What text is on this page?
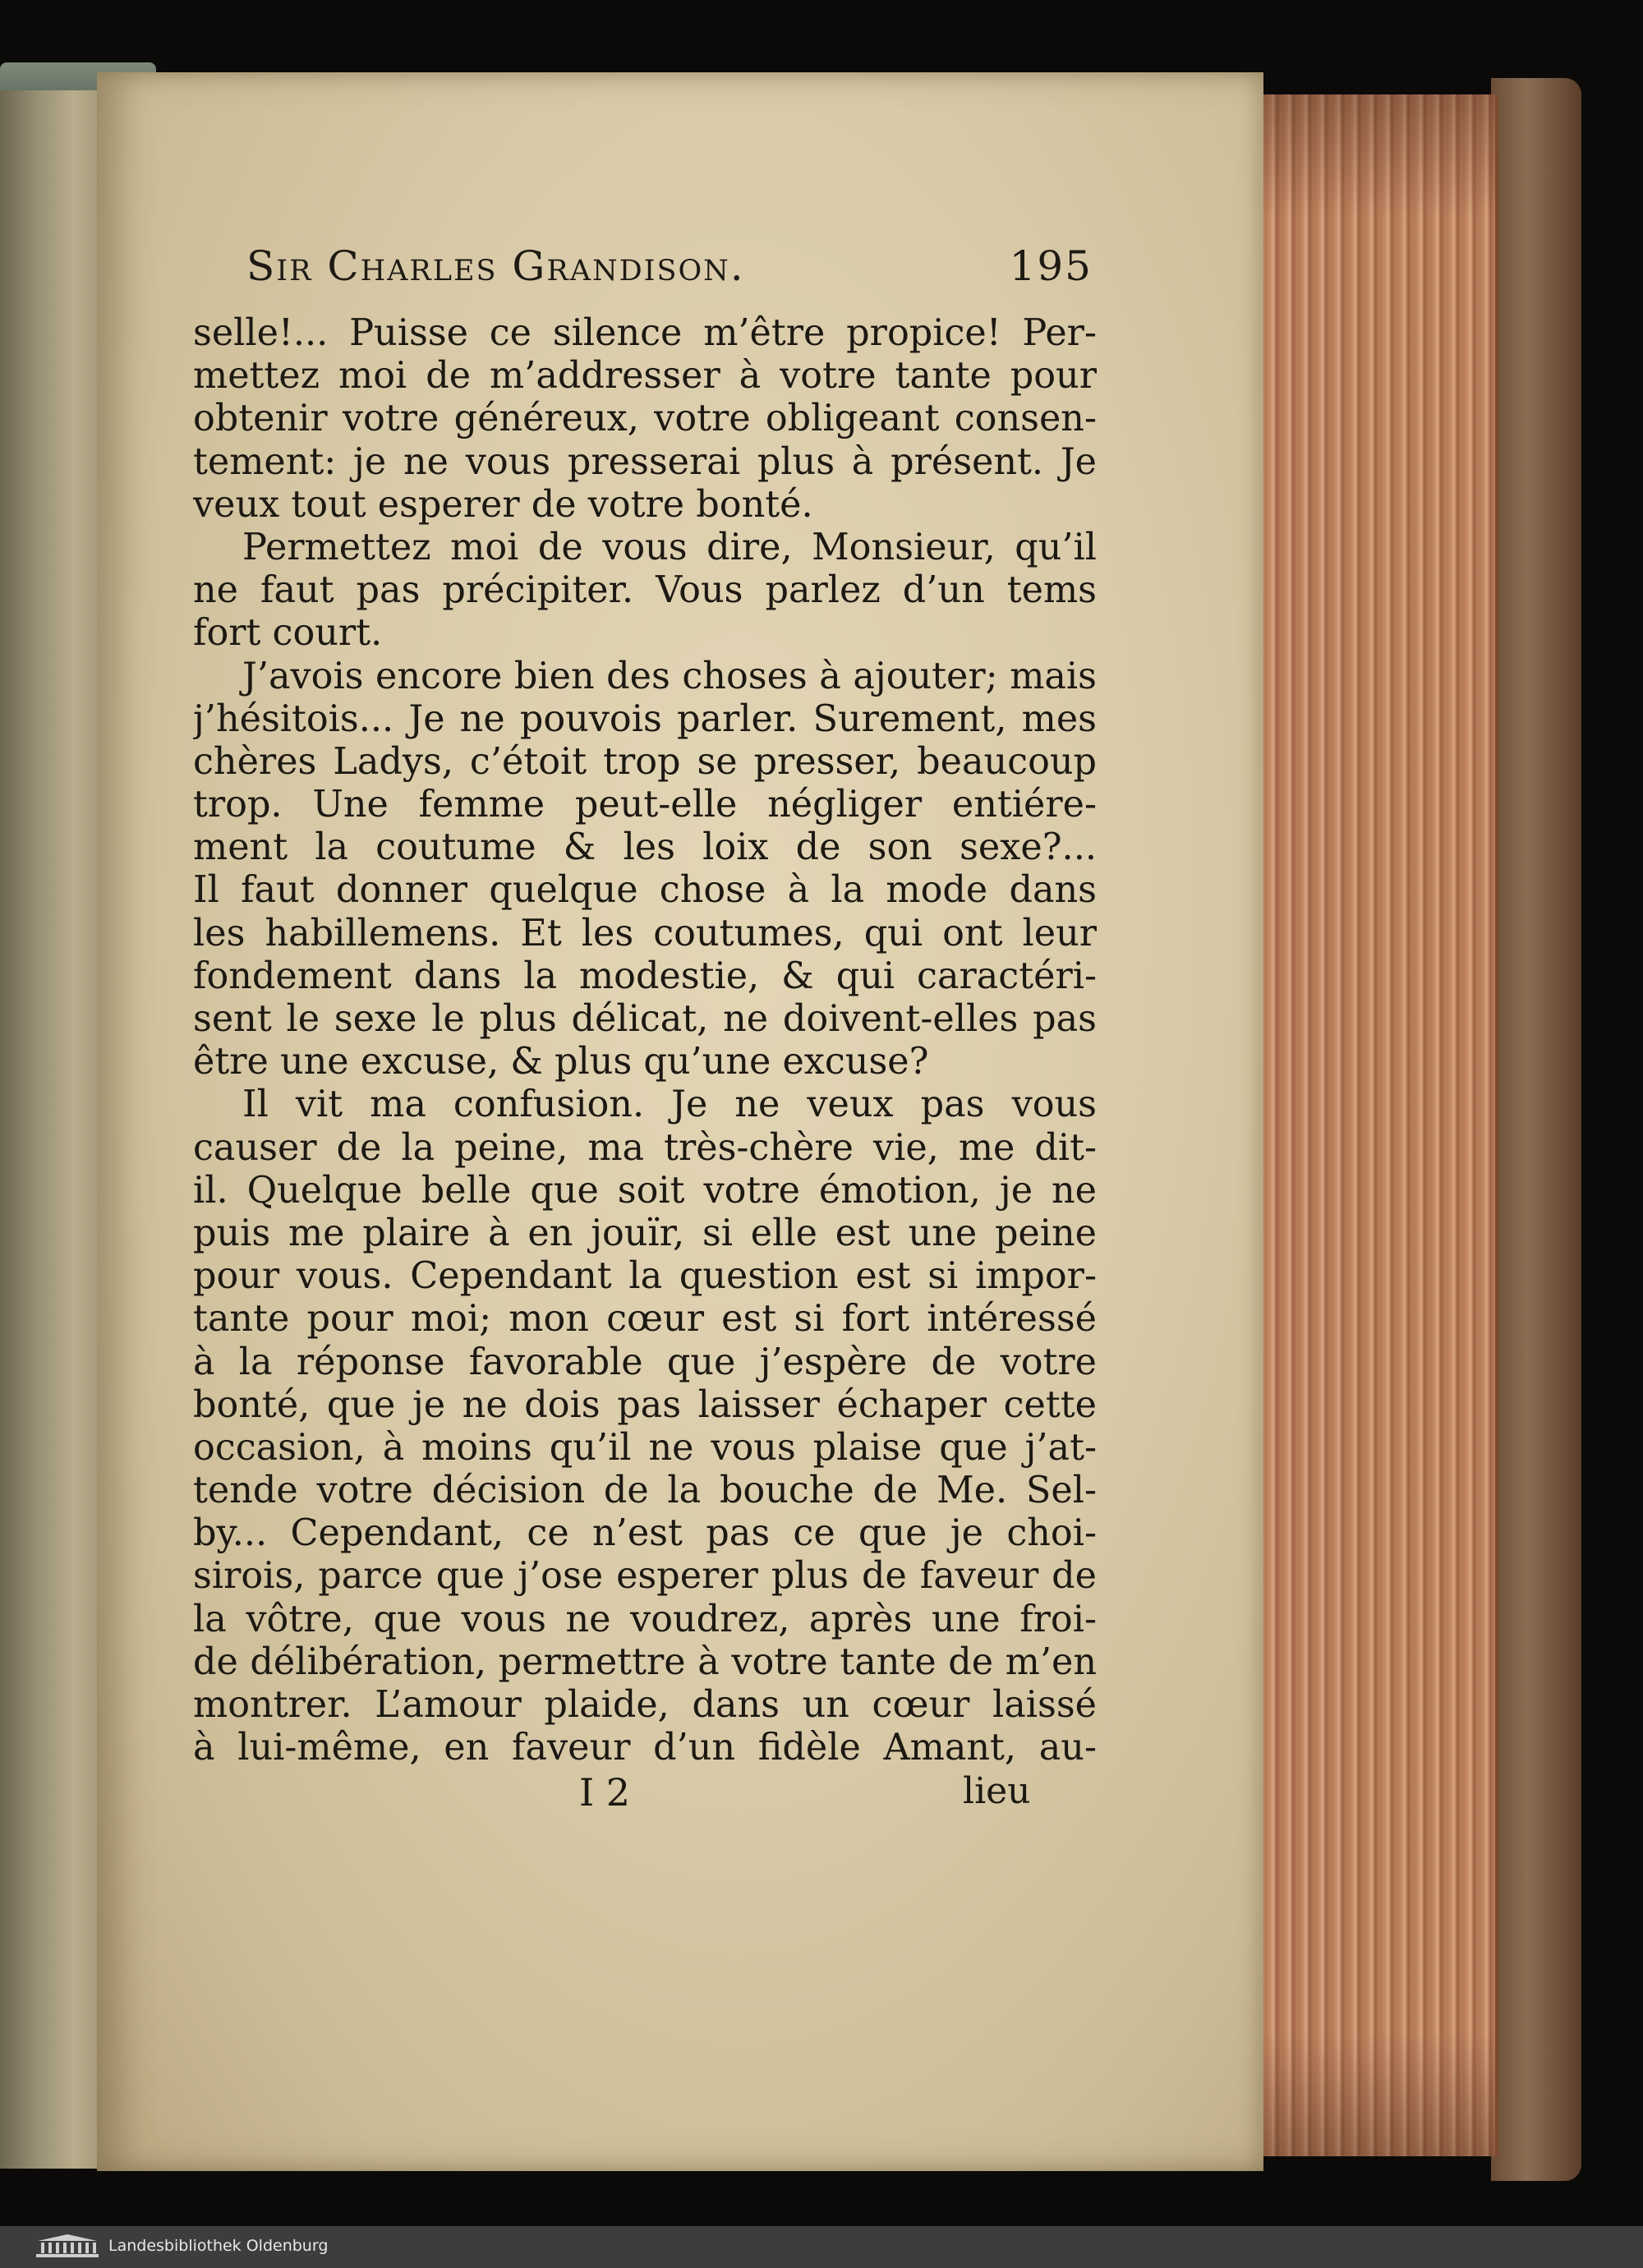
Sir Charles Grandison.	195
selle!... Puisse ce silence m’être propice! Per-
mettez moi de m’addresser à votre tante pour
obtenir votre généreux, votre obligeant consen-
tement: je ne vous presserai plus à présent. Je
veux tout esperer de votre bonté.
Permettez moi de vous dire, Monsieur, qu’il
ne faut pas précipiter. Vous parlez d’un tems
fort court.
J’avois encore bien des choses à ajouter; mais
j’hésitois... Je ne pouvois parler. Surement, mes
chères Ladys, c’étoit trop se presser, beaucoup
trop. Une femme peut-elle négliger entiére-
ment la coutume & les loix de son sexe?...
Il faut donner quelque chose à la mode dans
les habillemens. Et les coutumes, qui ont leur
fondement dans la modestie, & qui caractéri-
sent le sexe le plus délicat, ne doivent-elles pas
être une excuse, & plus qu’une excuse?
Il vit ma confusion. Je ne veux pas vous
causer de la peine, ma très-chère vie, me dit-
il. Quelque belle que soit votre émotion, je ne
puis me plaire à en jouïr, si elle est une peine
pour vous. Cependant la question est si impor-
tante pour moi; mon cœur est si fort intéressé
à la réponse favorable que j’espère de votre
bonté, que je ne dois pas laisser échaper cette
occasion, à moins qu’il ne vous plaise que j’at-
tende votre décision de la bouche de Me. Sel-
by... Cependant, ce n’est pas ce que je choi-
sirois, parce que j’ose esperer plus de faveur de
la vôtre, que vous ne voudrez, après une froi-
de délibération, permettre à votre tante de m’en
montrer. L’amour plaide, dans un cœur laissé
à lui-même, en faveur d’un fidèle Amant, au-
I 2	lieu
Landesbibliothek Oldenburg
